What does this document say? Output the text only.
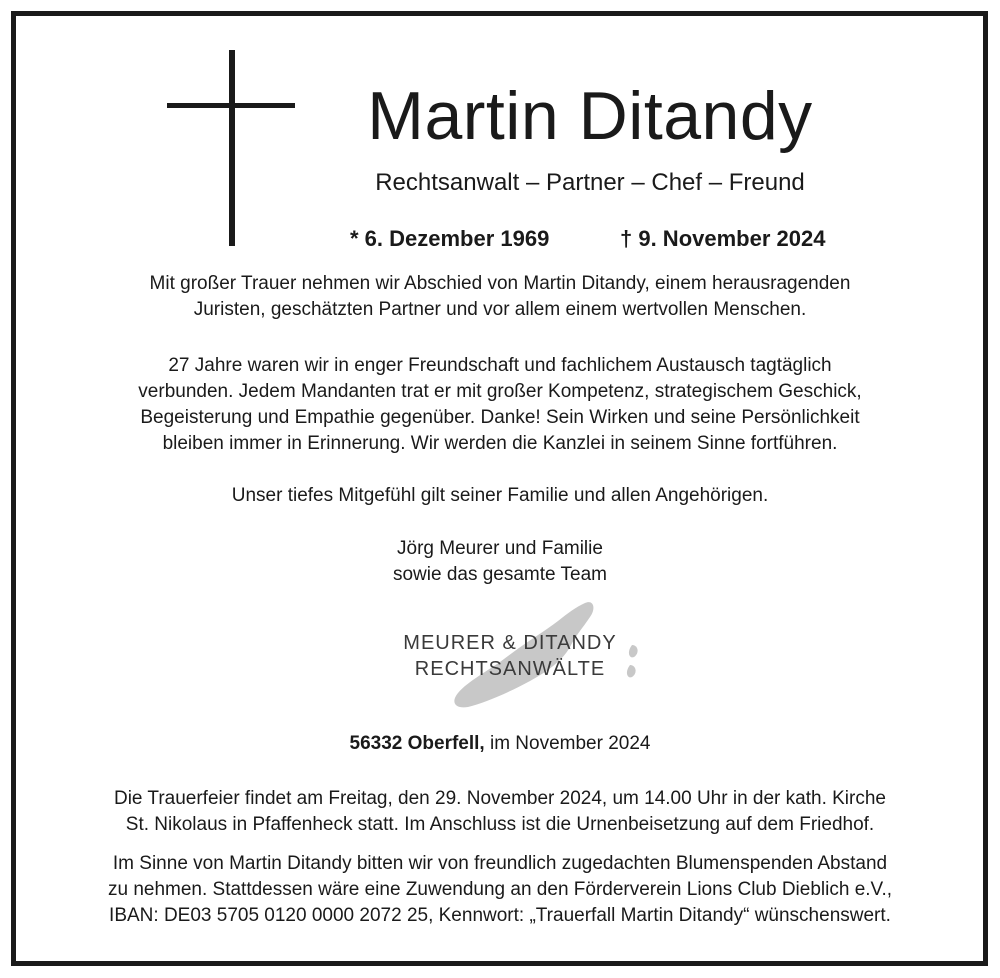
Martin Ditandy
Rechtsanwalt – Partner – Chef – Freund
* 6. Dezember 1969	† 9. November 2024

Mit großer Trauer nehmen wir Abschied von Martin Ditandy, einem herausragenden

Juristen, geschätzten Partner und vor allem einem wertvollen Menschen.

27 Jahre waren wir in enger Freundschaft und fachlichem Austausch tagtäglich

verbunden. Jedem Mandanten trat er mit großer Kompetenz, strategischem Geschick,

Begeisterung und Empathie gegenüber. Danke! Sein Wirken und seine Persönlichkeit

bleiben immer in Erinnerung. Wir werden die Kanzlei in seinem Sinne fortführen.

Unser tiefes Mitgefühl gilt seiner Familie und allen Angehörigen.

Jörg Meurer und Familie

sowie das gesamte Team

MEURER & DITANDY
RECHTSANWÄLTE
56332 Oberfell, im November 2024

Die Trauerfeier findet am Freitag, den 29. November 2024, um 14.00 Uhr in der kath. Kirche

St. Nikolaus in Pfaffenheck statt. Im Anschluss ist die Urnenbeisetzung auf dem Friedhof.

Im Sinne von Martin Ditandy bitten wir von freundlich zugedachten Blumenspenden Abstand

zu nehmen. Stattdessen wäre eine Zuwendung an den Förderverein Lions Club Dieblich e.V.,

IBAN: DE03 5705 0120 0000 2072 25, Kennwort: „Trauerfall Martin Ditandy“ wünschenswert.
